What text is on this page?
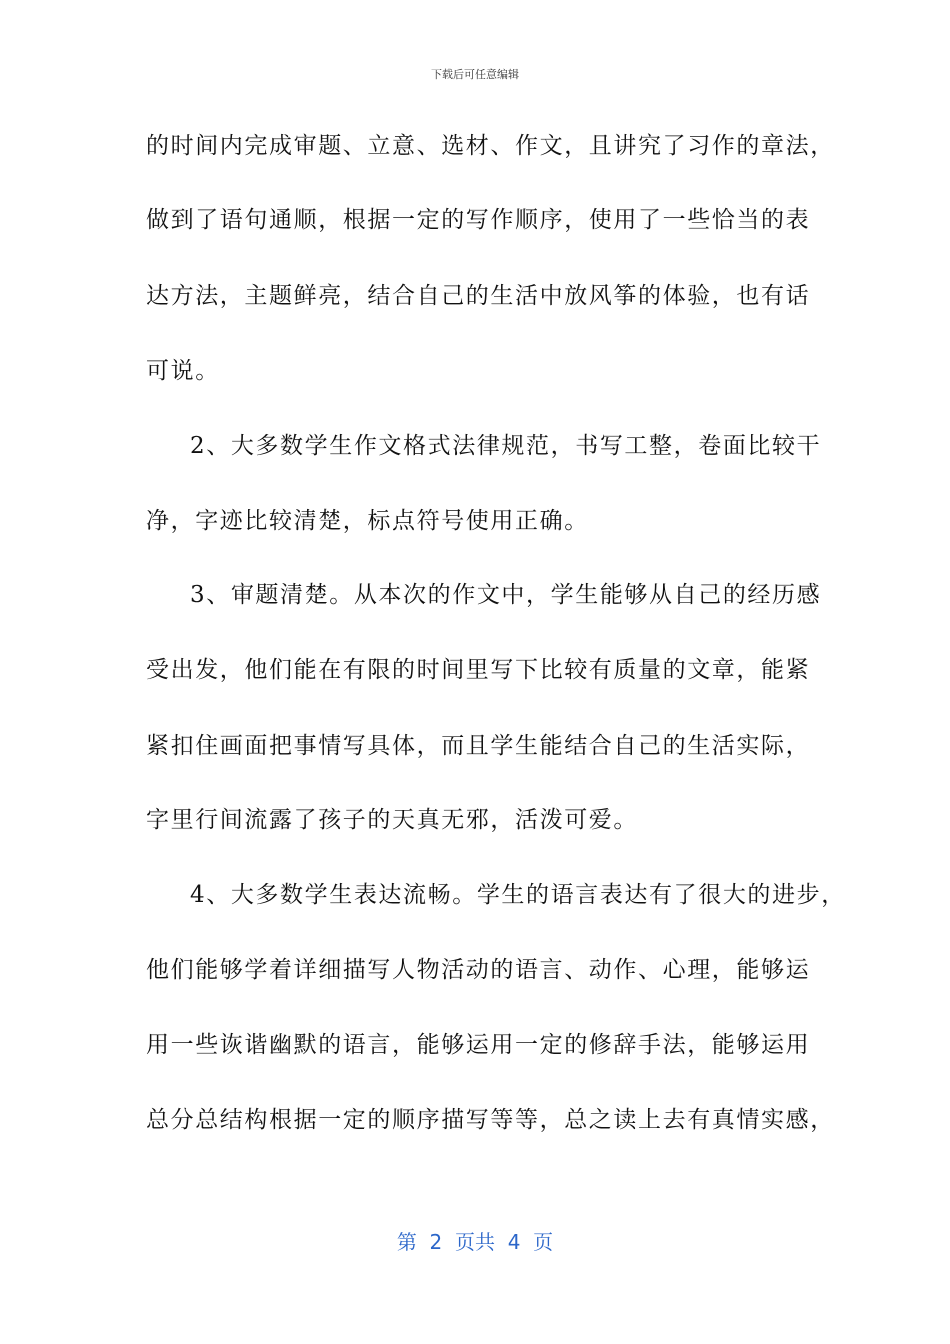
下载后可任意编辑
的时间内完成审题、立意、选材、作文，且讲究了习作的章法，
做到了语句通顺，根据一定的写作顺序，使用了一些恰当的表
达方法，主题鲜亮，结合自己的生活中放风筝的体验，也有话
可说。
2、大多数学生作文格式法律规范，书写工整，卷面比较干
净，字迹比较清楚，标点符号使用正确。
3、审题清楚。从本次的作文中，学生能够从自己的经历感
受出发，他们能在有限的时间里写下比较有质量的文章，能紧
紧扣住画面把事情写具体，而且学生能结合自己的生活实际，
字里行间流露了孩子的天真无邪，活泼可爱。
4、大多数学生表达流畅。学生的语言表达有了很大的进步，
他们能够学着详细描写人物活动的语言、动作、心理，能够运
用一些诙谐幽默的语言，能够运用一定的修辞手法，能够运用
总分总结构根据一定的顺序描写等等，总之读上去有真情实感，
第  2  页共  4  页
